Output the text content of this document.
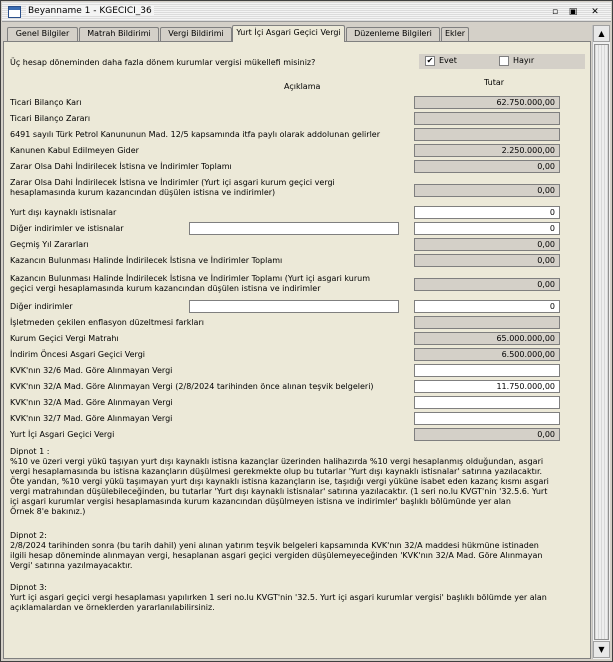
Beyanname 1 - KGECICI_36	▫	▣	✕
Genel Bilgiler	Matrah Bildirimi	Vergi Bildirimi	Yurt İçi Asgari Geçici Vergi	Düzenleme Bilgileri	Ekler
Üç hesap döneminden daha fazla dönem kurumlar vergisi mükellefi misiniz?	✔ Evet	Hayır
Açıklama	Tutar
Ticari Bilanço Karı	62.750.000,00
Ticari Bilanço Zararı
6491 sayılı Türk Petrol Kanununun Mad. 12/5 kapsamında itfa paylı olarak addolunan gelirler
Kanunen Kabul Edilmeyen Gider	2.250.000,00
Zarar Olsa Dahi İndirilecek İstisna ve İndirimler Toplamı	0,00
Zarar Olsa Dahi İndirilecek İstisna ve İndirimler (Yurt içi asgari kurum geçici vergi
hesaplamasında kurum kazancından düşülen istisna ve indirimler)	0,00
Yurt dışı kaynaklı istisnalar	0
Diğer indirimler ve istisnalar	0
Geçmiş Yıl Zararları	0,00
Kazancın Bulunması Halinde İndirilecek İstisna ve İndirimler Toplamı	0,00
Kazancın Bulunması Halinde İndirilecek İstisna ve İndirimler Toplamı (Yurt içi asgari kurum
geçici vergi hesaplamasında kurum kazancından düşülen istisna ve indirimler	0,00
Diğer indirimler	0
İşletmeden çekilen enflasyon düzeltmesi farkları
Kurum Geçici Vergi Matrahı	65.000.000,00
İndirim Öncesi Asgari Geçici Vergi	6.500.000,00
KVK'nın 32/6 Mad. Göre Alınmayan Vergi
KVK'nın 32/A Mad. Göre Alınmayan Vergi (2/8/2024 tarihinden önce alınan teşvik belgeleri)	11.750.000,00
KVK'nın 32/A Mad. Göre Alınmayan Vergi
KVK'nın 32/7 Mad. Göre Alınmayan Vergi
Yurt İçi Asgari Geçici Vergi	0,00
Dipnot 1 :
%10 ve üzeri vergi yükü taşıyan yurt dışı kaynaklı istisna kazançlar üzerinden halihazırda %10 vergi hesaplanmış olduğundan, asgari
vergi hesaplamasında bu istisna kazançların düşülmesi gerekmekte olup bu tutarlar 'Yurt dışı kaynaklı istisnalar' satırına yazılacaktır.
Öte yandan, %10 vergi yükü taşımayan yurt dışı kaynaklı istisna kazançların ise, taşıdığı vergi yüküne isabet eden kazanç kısmı asgari
vergi matrahından düşülebileceğinden, bu tutarlar 'Yurt dışı kaynaklı istisnalar' satırına yazılacaktır. (1 seri no.lu KVGT'nin '32.5.6. Yurt
içi asgari kurumlar vergisi hesaplamasında kurum kazancından düşülmeyen istisna ve indirimler' başlıklı bölümünde yer alan
Örnek 8'e bakınız.)
Dipnot 2:
2/8/2024 tarihinden sonra (bu tarih dahil) yeni alınan yatırım teşvik belgeleri kapsamında KVK'nın 32/A maddesi hükmüne istinaden
ilgili hesap döneminde alınmayan vergi, hesaplanan asgari geçici vergiden düşülemeyeceğinden 'KVK'nın 32/A Mad. Göre Alınmayan
Vergi' satırına yazılmayacaktır.
Dipnot 3:
Yurt içi asgari geçici vergi hesaplaması yapılırken 1 seri no.lu KVGT'nin '32.5. Yurt içi asgari kurumlar vergisi' başlıklı bölümde yer alan
açıklamalardan ve örneklerden yararlanılabilirsiniz.
▲
▼
